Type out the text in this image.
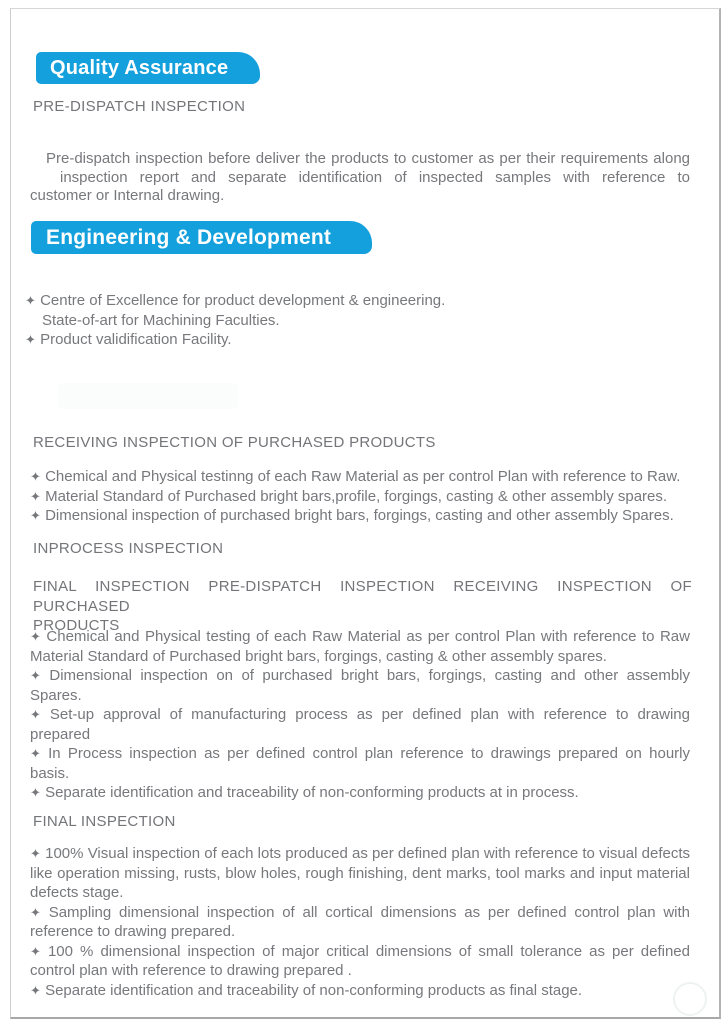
Quality Assurance
PRE-DISPATCH INSPECTION
Pre-dispatch inspection before deliver the products to customer as per their requirements along
inspection report and separate identification of inspected samples with reference to
customer or Internal drawing.
Engineering & Development

✦ Centre of Excellence for product development & engineering.

State-of-art for Machining Faculties.

✦ Product validification Facility.

RECEIVING INSPECTION OF PURCHASED PRODUCTS

✦ Chemical and Physical testinng of each Raw Material as per control Plan with reference to Raw.

✦ Material Standard of Purchased bright bars,profile, forgings, casting & other assembly spares.

✦ Dimensional inspection of purchased bright bars, forgings, casting and other assembly Spares.

INPROCESS INSPECTION
FINAL INSPECTION PRE-DISPATCH INSPECTION RECEIVING INSPECTION OF PURCHASED
PRODUCTS

✦ Chemical and Physical testing of each Raw Material as per control Plan with reference to Raw Material Standard of Purchased bright bars, forgings, casting & other assembly spares.

✦ Dimensional inspection on of purchased bright bars, forgings, casting and other assembly Spares.

✦ Set-up approval of manufacturing process as per defined plan with reference to drawing prepared

✦ In Process inspection as per defined control plan reference to drawings prepared on hourly basis.

✦ Separate identification and traceability of non-conforming products at in process.

FINAL INSPECTION

✦ 100% Visual inspection of each lots produced as per defined plan with reference to visual defects like operation missing, rusts, blow holes, rough finishing, dent marks, tool marks and input material defects stage.

✦ Sampling dimensional inspection of all cortical dimensions as per defined control plan with reference to drawing prepared.

✦ 100 % dimensional inspection of major critical dimensions of small tolerance as per defined control plan with reference to drawing prepared .

✦ Separate identification and traceability of non-conforming products as final stage.
